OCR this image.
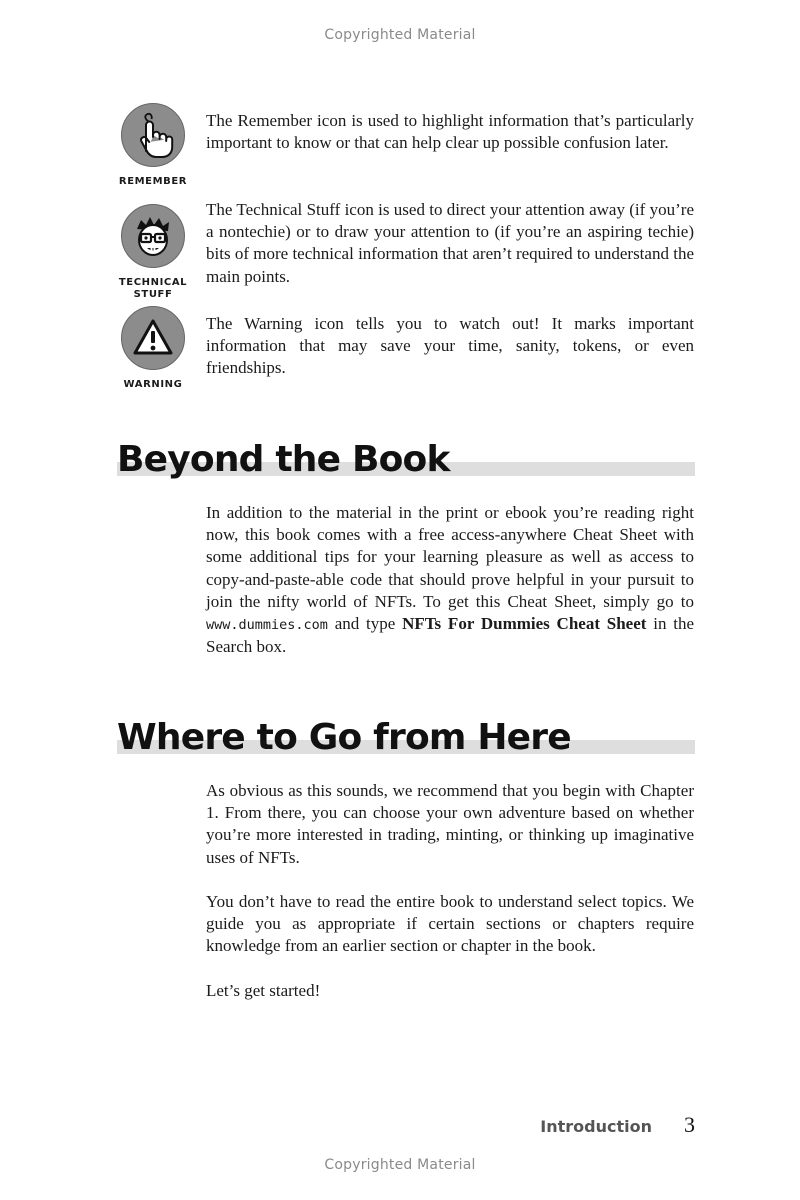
Copyrighted Material
REMEMBER

The Remember icon is used to highlight information that’s particularly important to know or that can help clear up possible confusion later.

TECHNICAL
STUFF

The Technical Stuff icon is used to direct your attention away (if you’re a nontechie) or to draw your attention to (if you’re an aspiring techie) bits of more technical information that aren’t required to understand the main points.

WARNING

The Warning icon tells you to watch out! It marks important information that may save your time, sanity, tokens, or even friendships.

Beyond the Book

In addition to the material in the print or ebook you’re reading right now, this book comes with a free access-anywhere Cheat Sheet with some additional tips for your learning pleasure as well as access to copy-and-paste-able code that should prove helpful in your pursuit to join the nifty world of NFTs. To get this Cheat Sheet, simply go to www.dummies.com and type NFTs For Dummies Cheat Sheet in the Search box.

Where to Go from Here

As obvious as this sounds, we recommend that you begin with Chapter 1. From there, you can choose your own adventure based on whether you’re more interested in trading, minting, or thinking up imaginative uses of NFTs.

You don’t have to read the entire book to understand select topics. We guide you as appropriate if certain sections or chapters require knowledge from an earlier section or chapter in the book.

Let’s get started!

Introduction 3
Copyrighted Material
